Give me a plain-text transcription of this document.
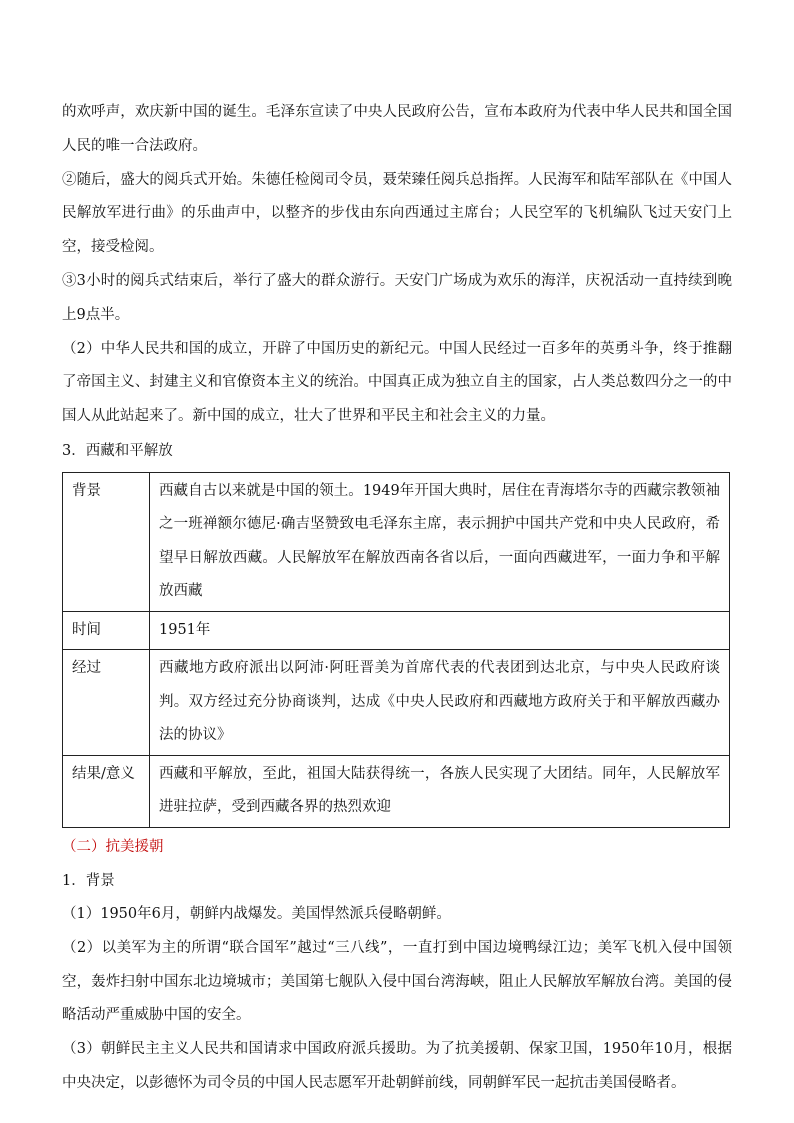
的欢呼声，欢庆新中国的诞生。毛泽东宣读了中央人民政府公告，宣布本政府为代表中华人民共和国全国人民的唯一合法政府。

②随后，盛大的阅兵式开始。朱德任检阅司令员，聂荣臻任阅兵总指挥。人民海军和陆军部队在《中国人民解放军进行曲》的乐曲声中，以整齐的步伐由东向西通过主席台；人民空军的飞机编队飞过天安门上空，接受检阅。

③3小时的阅兵式结束后，举行了盛大的群众游行。天安门广场成为欢乐的海洋，庆祝活动一直持续到晚上9点半。

（2）中华人民共和国的成立，开辟了中国历史的新纪元。中国人民经过一百多年的英勇斗争，终于推翻了帝国主义、封建主义和官僚资本主义的统治。中国真正成为独立自主的国家，占人类总数四分之一的中国人从此站起来了。新中国的成立，壮大了世界和平民主和社会主义的力量。

3．西藏和平解放

背景	西藏自古以来就是中国的领土。1949年开国大典时，居住在青海塔尔寺的西藏宗教领袖之一班禅额尔德尼·确吉坚赞致电毛泽东主席，表示拥护中国共产党和中央人民政府，希望早日解放西藏。人民解放军在解放西南各省以后，一面向西藏进军，一面力争和平解放西藏
时间	1951年
经过	西藏地方政府派出以阿沛·阿旺晋美为首席代表的代表团到达北京，与中央人民政府谈判。双方经过充分协商谈判，达成《中央人民政府和西藏地方政府关于和平解放西藏办法的协议》
结果/意义	西藏和平解放，至此，祖国大陆获得统一，各族人民实现了大团结。同年，人民解放军进驻拉萨，受到西藏各界的热烈欢迎

（二）抗美援朝

1．背景

（1）1950年6月，朝鲜内战爆发。美国悍然派兵侵略朝鲜。

（2）以美军为主的所谓“联合国军”越过“三八线”，一直打到中国边境鸭绿江边；美军飞机入侵中国领空，轰炸扫射中国东北边境城市；美国第七舰队入侵中国台湾海峡，阻止人民解放军解放台湾。美国的侵略活动严重威胁中国的安全。

（3）朝鲜民主主义人民共和国请求中国政府派兵援助。为了抗美援朝、保家卫国，1950年10月，根据中央决定，以彭德怀为司令员的中国人民志愿军开赴朝鲜前线，同朝鲜军民一起抗击美国侵略者。
